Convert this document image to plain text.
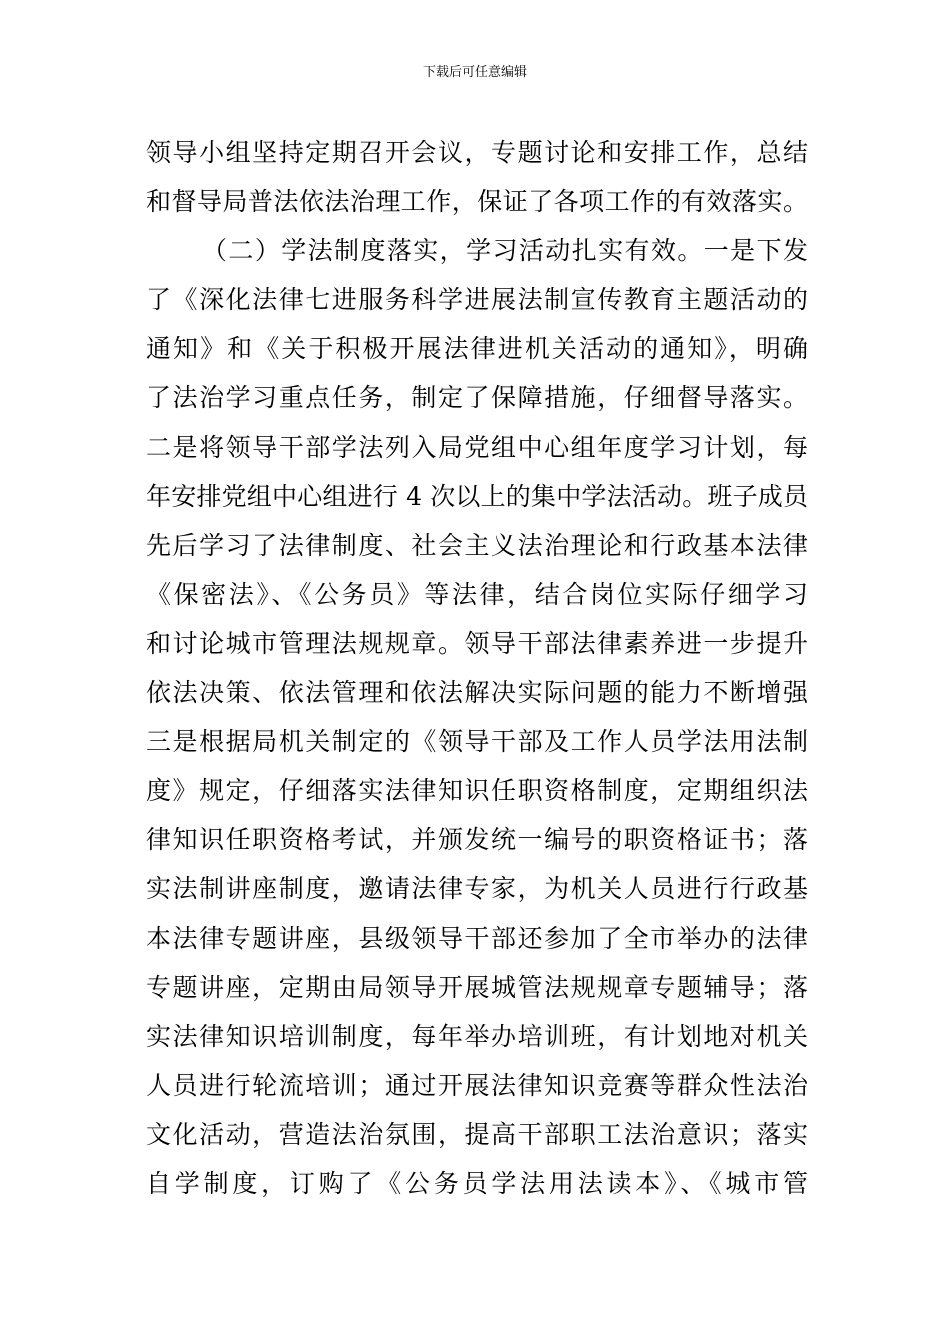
下载后可任意编辑
领导小组坚持定期召开会议，专题讨论和安排工作，总结
和督导局普法依法治理工作，保证了各项工作的有效落实。
（二）学法制度落实，学习活动扎实有效。一是下发
了《深化法律七进服务科学进展法制宣传教育主题活动的
通知》和《关于积极开展法律进机关活动的通知》，明确
了法治学习重点任务，制定了保障措施，仔细督导落实。
二是将领导干部学法列入局党组中心组年度学习计划，每
年安排党组中心组进行 4 次以上的集中学法活动。班子成员
先后学习了法律制度、社会主义法治理论和行政基本法律
《保密法》、《公务员》等法律，结合岗位实际仔细学习
和讨论城市管理法规规章。领导干部法律素养进一步提升
依法决策、依法管理和依法解决实际问题的能力不断增强
三是根据局机关制定的《领导干部及工作人员学法用法制
度》规定，仔细落实法律知识任职资格制度，定期组织法
律知识任职资格考试，并颁发统一编号的职资格证书；落
实法制讲座制度，邀请法律专家，为机关人员进行行政基
本法律专题讲座，县级领导干部还参加了全市举办的法律
专题讲座，定期由局领导开展城管法规规章专题辅导；落
实法律知识培训制度，每年举办培训班，有计划地对机关
人员进行轮流培训；通过开展法律知识竞赛等群众性法治
文化活动，营造法治氛围，提高干部职工法治意识；落实
自学制度，订购了《公务员学法用法读本》、《城市管
